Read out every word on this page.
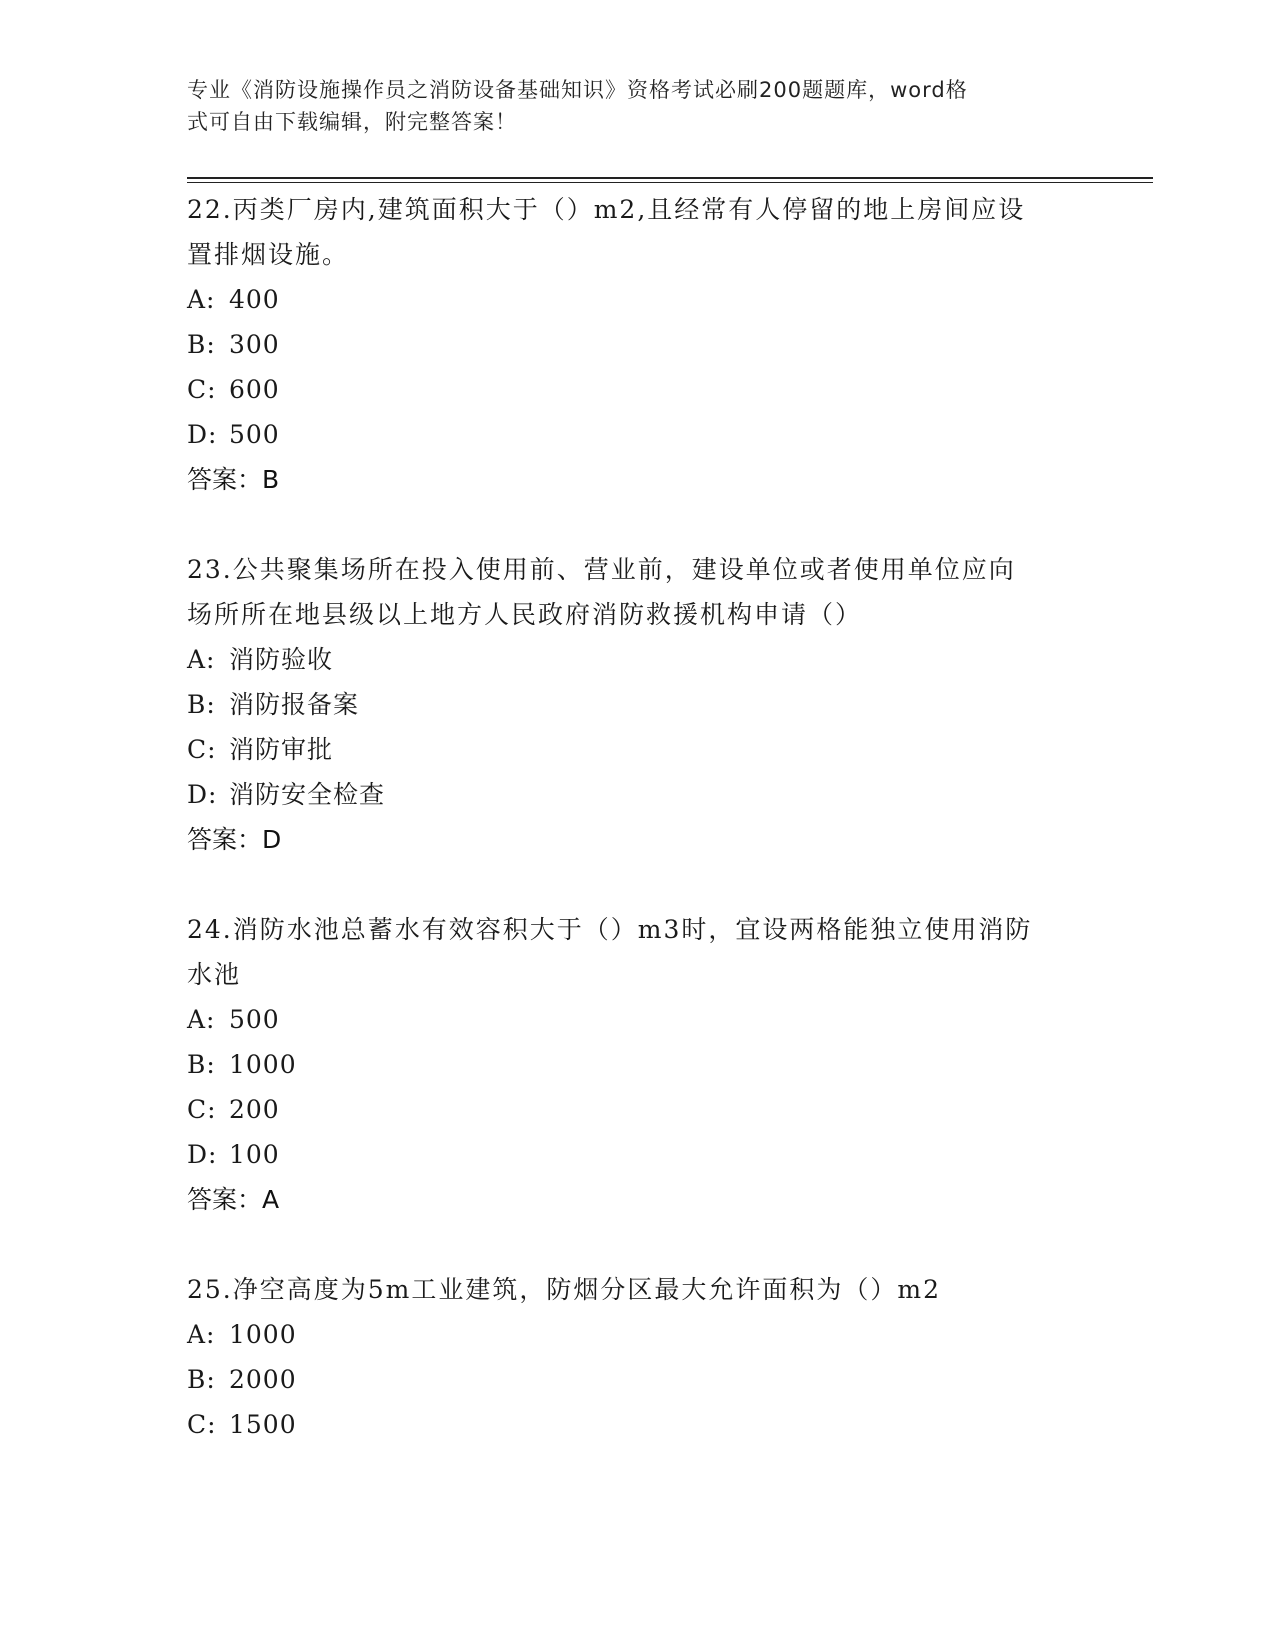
专业《消防设施操作员之消防设备基础知识》资格考试必刷200题题库，word格
式可自由下载编辑，附完整答案！

22.丙类厂房内,建筑面积大于（）m2,且经常有人停留的地上房间应设

置排烟设施。

A: 400

B: 300

C: 600

D: 500

答案：B

23.公共聚集场所在投入使用前、营业前，建设单位或者使用单位应向

场所所在地县级以上地方人民政府消防救援机构申请（）

A: 消防验收

B: 消防报备案

C: 消防审批

D: 消防安全检查

答案：D

24.消防水池总蓄水有效容积大于（）m3时，宜设两格能独立使用消防

水池

A: 500

B: 1000

C: 200

D: 100

答案：A

25.净空高度为5m工业建筑，防烟分区最大允许面积为（）m2

A: 1000

B: 2000

C: 1500
